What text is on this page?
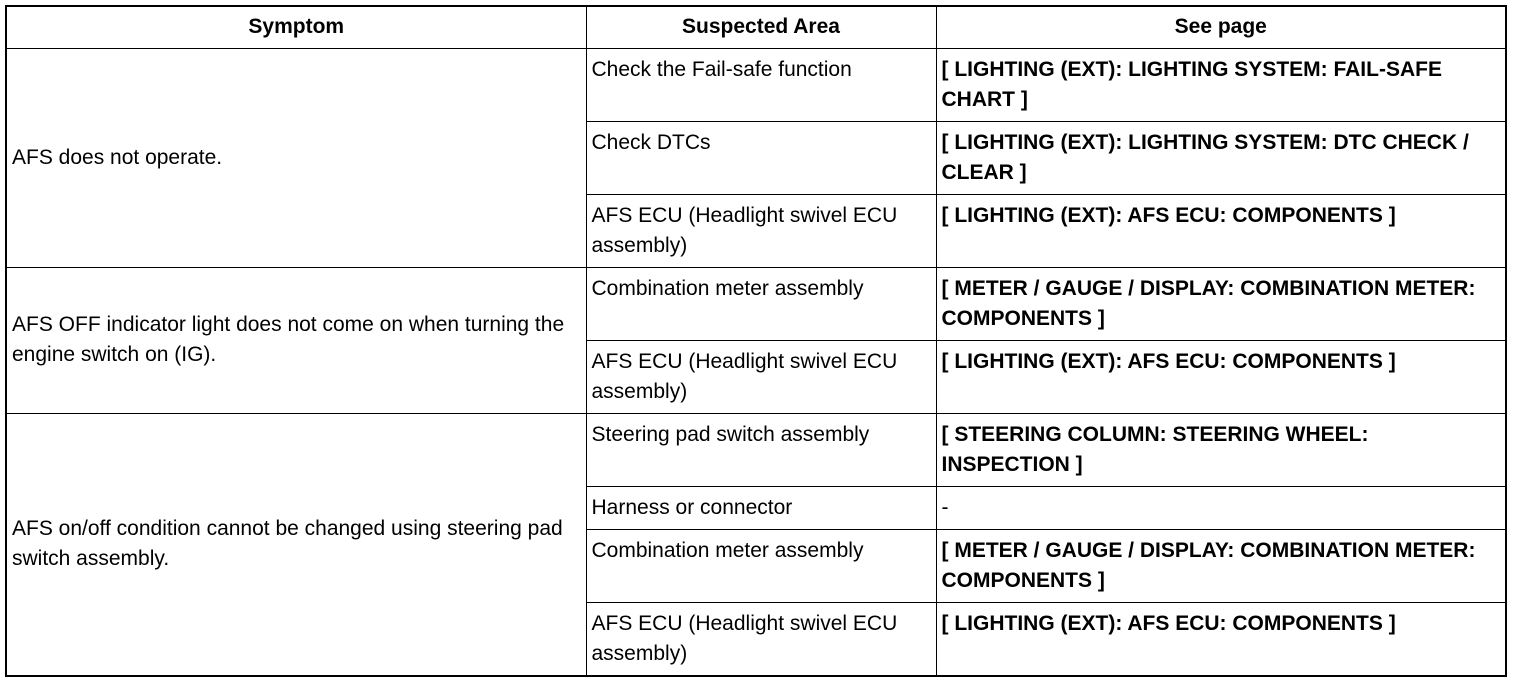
Symptom	Suspected Area	See page
AFS does not operate.	Check the Fail-safe function	[ LIGHTING (EXT): LIGHTING SYSTEM: FAIL-SAFE CHART ]
	Check DTCs	[ LIGHTING (EXT): LIGHTING SYSTEM: DTC CHECK / CLEAR ]
	AFS ECU (Headlight swivel ECU assembly)	[ LIGHTING (EXT): AFS ECU: COMPONENTS ]
AFS OFF indicator light does not come on when turning the engine switch on (IG).	Combination meter assembly	[ METER / GAUGE / DISPLAY: COMBINATION METER: COMPONENTS ]
	AFS ECU (Headlight swivel ECU assembly)	[ LIGHTING (EXT): AFS ECU: COMPONENTS ]
AFS on/off condition cannot be changed using steering pad switch assembly.	Steering pad switch assembly	[ STEERING COLUMN: STEERING WHEEL: INSPECTION ]
	Harness or connector	-
	Combination meter assembly	[ METER / GAUGE / DISPLAY: COMBINATION METER: COMPONENTS ]
	AFS ECU (Headlight swivel ECU assembly)	[ LIGHTING (EXT): AFS ECU: COMPONENTS ]
